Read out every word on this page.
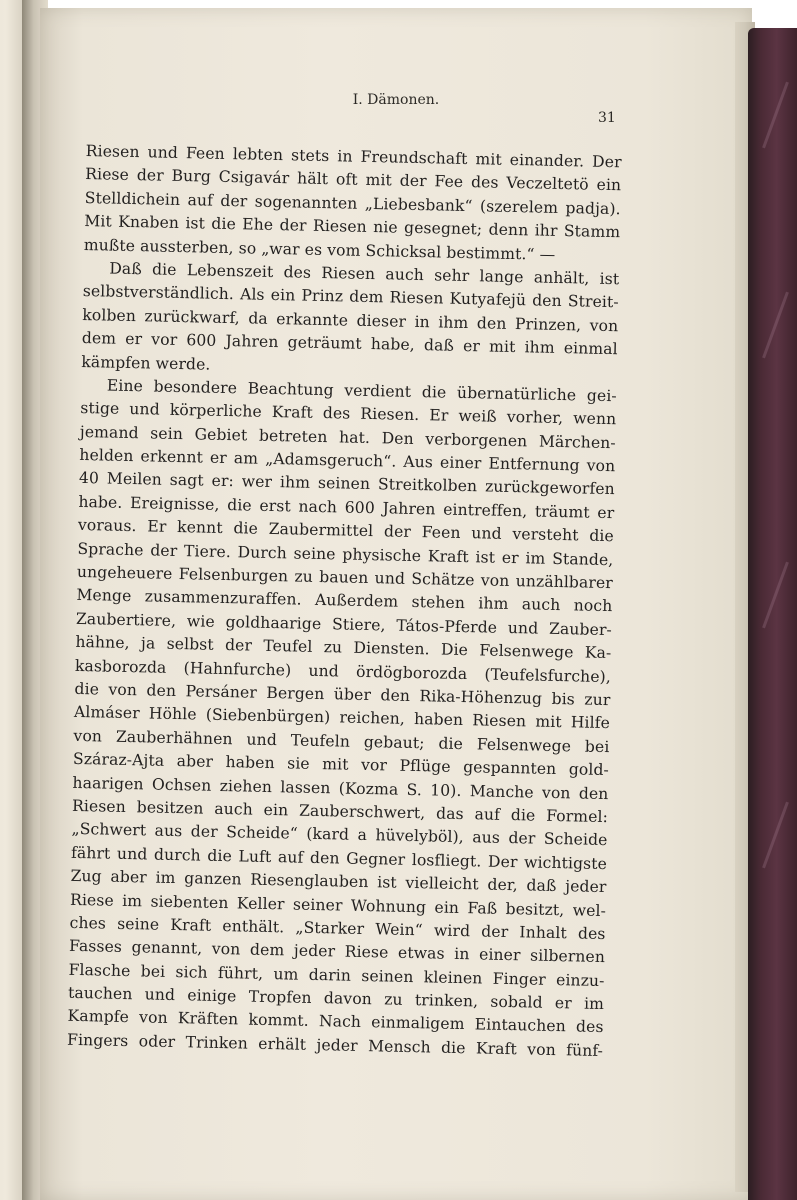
I. Dämonen.
31
Riesen und Feen lebten stets in Freundschaft mit einander. Der
Riese der Burg Csigavár hält oft mit der Fee des Veczeltetö ein
Stelldichein auf der sogenannten „Liebesbank“ (szerelem padja).
Mit Knaben ist die Ehe der Riesen nie gesegnet; denn ihr Stamm
mußte aussterben, so „war es vom Schicksal bestimmt.“ —
Daß die Lebenszeit des Riesen auch sehr lange anhält, ist
selbstverständlich. Als ein Prinz dem Riesen Kutyafejü den Streit-
kolben zurückwarf, da erkannte dieser in ihm den Prinzen, von
dem er vor 600 Jahren geträumt habe, daß er mit ihm einmal
kämpfen werde.
Eine besondere Beachtung verdient die übernatürliche gei-
stige und körperliche Kraft des Riesen. Er weiß vorher, wenn
jemand sein Gebiet betreten hat. Den verborgenen Märchen-
helden erkennt er am „Adamsgeruch“. Aus einer Entfernung von
40 Meilen sagt er: wer ihm seinen Streitkolben zurückgeworfen
habe. Ereignisse, die erst nach 600 Jahren eintreffen, träumt er
voraus. Er kennt die Zaubermittel der Feen und versteht die
Sprache der Tiere. Durch seine physische Kraft ist er im Stande,
ungeheuere Felsenburgen zu bauen und Schätze von unzählbarer
Menge zusammenzuraffen. Außerdem stehen ihm auch noch
Zaubertiere, wie goldhaarige Stiere, Tátos-Pferde und Zauber-
hähne, ja selbst der Teufel zu Diensten. Die Felsenwege Ka-
kasborozda (Hahnfurche) und ördögborozda (Teufelsfurche),
die von den Persáner Bergen über den Rika-Höhenzug bis zur
Almáser Höhle (Siebenbürgen) reichen, haben Riesen mit Hilfe
von Zauberhähnen und Teufeln gebaut; die Felsenwege bei
Száraz-Ajta aber haben sie mit vor Pflüge gespannten gold-
haarigen Ochsen ziehen lassen (Kozma S. 10). Manche von den
Riesen besitzen auch ein Zauberschwert, das auf die Formel:
„Schwert aus der Scheide“ (kard a hüvelyböl), aus der Scheide
fährt und durch die Luft auf den Gegner losfliegt. Der wichtigste
Zug aber im ganzen Riesenglauben ist vielleicht der, daß jeder
Riese im siebenten Keller seiner Wohnung ein Faß besitzt, wel-
ches seine Kraft enthält. „Starker Wein“ wird der Inhalt des
Fasses genannt, von dem jeder Riese etwas in einer silbernen
Flasche bei sich führt, um darin seinen kleinen Finger einzu-
tauchen und einige Tropfen davon zu trinken, sobald er im
Kampfe von Kräften kommt. Nach einmaligem Eintauchen des
Fingers oder Trinken erhält jeder Mensch die Kraft von fünf-
